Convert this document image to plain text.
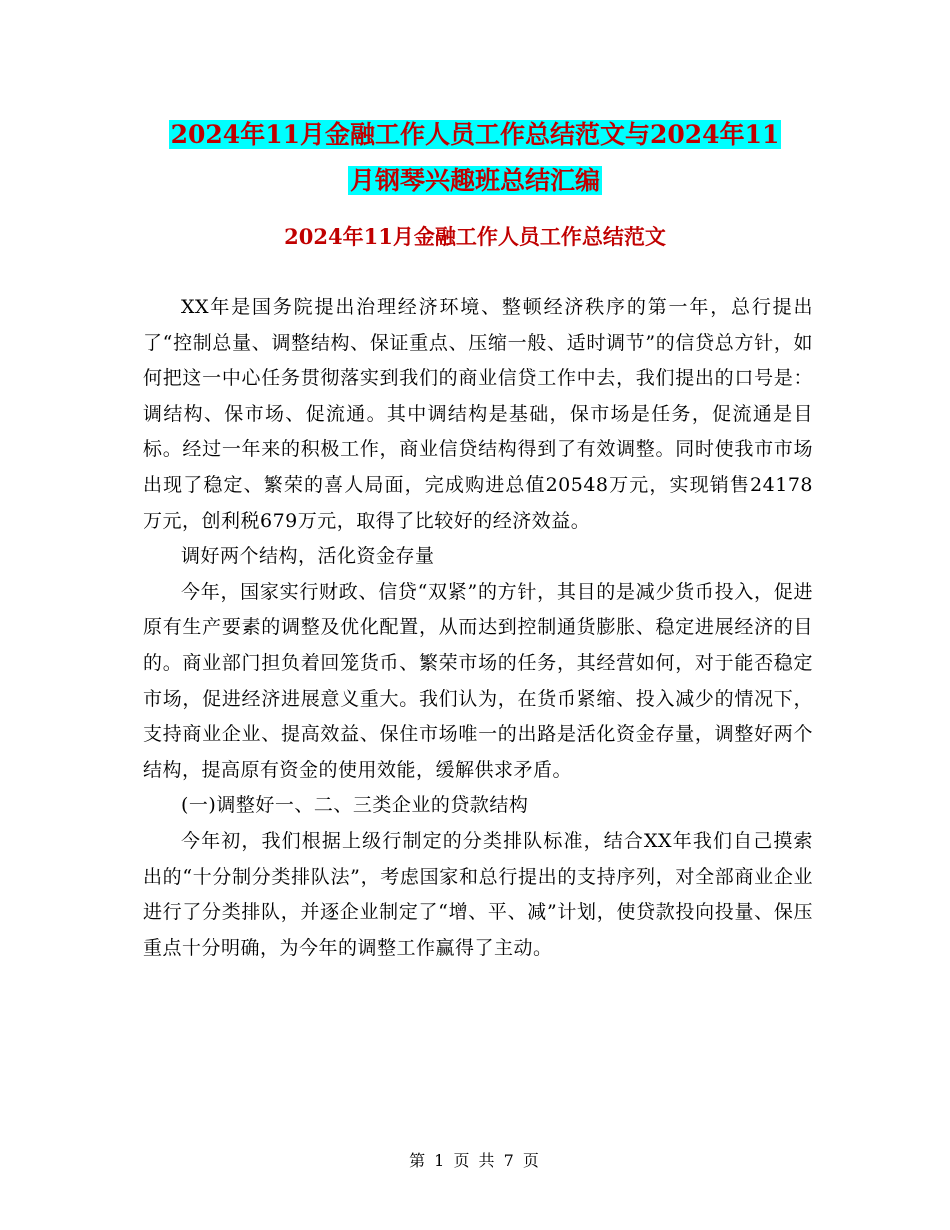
2024年11月金融工作人员工作总结范文与2024年11
月钢琴兴趣班总结汇编
2024年11月金融工作人员工作总结范文

XX年是国务院提出治理经济环境、整顿经济秩序的第一年，总行提出了“控制总量、调整结构、保证重点、压缩一般、适时调节”的信贷总方针，如何把这一中心任务贯彻落实到我们的商业信贷工作中去，我们提出的口号是：调结构、保市场、促流通。其中调结构是基础，保市场是任务，促流通是目标。经过一年来的积极工作，商业信贷结构得到了有效调整。同时使我市市场出现了稳定、繁荣的喜人局面，完成购进总值20548万元，实现销售24178万元，创利税679万元，取得了比较好的经济效益。

调好两个结构，活化资金存量

今年，国家实行财政、信贷“双紧”的方针，其目的是减少货币投入，促进原有生产要素的调整及优化配置，从而达到控制通货膨胀、稳定进展经济的目的。商业部门担负着回笼货币、繁荣市场的任务，其经营如何，对于能否稳定市场，促进经济进展意义重大。我们认为，在货币紧缩、投入减少的情况下，支持商业企业、提高效益、保住市场唯一的出路是活化资金存量，调整好两个结构，提高原有资金的使用效能，缓解供求矛盾。

(一)调整好一、二、三类企业的贷款结构

今年初，我们根据上级行制定的分类排队标准，结合XX年我们自己摸索出的“十分制分类排队法”，考虑国家和总行提出的支持序列，对全部商业企业进行了分类排队，并逐企业制定了“增、平、减”计划，使贷款投向投量、保压重点十分明确，为今年的调整工作赢得了主动。

第 1 页 共 7 页
